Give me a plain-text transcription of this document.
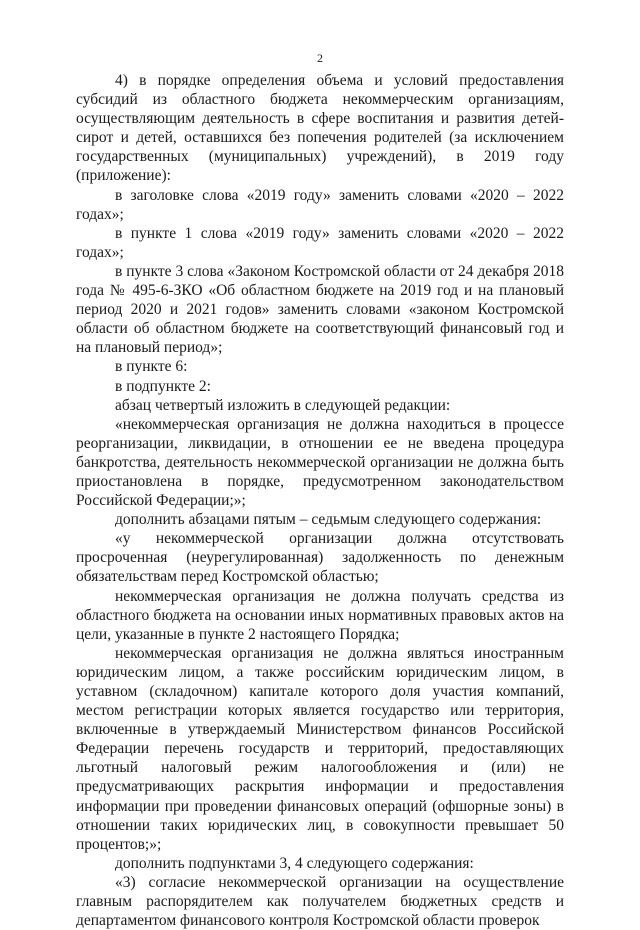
2

4) в порядке определения объема и условий предоставления субсидий из областного бюджета некоммерческим организациям, осуществляющим деятельность в сфере воспитания и развития детей-сирот и детей, оставшихся без попечения родителей (за исключением государственных (муниципальных) учреждений), в 2019 году (приложение):

в заголовке слова «2019 году» заменить словами «2020 – 2022 годах»;

в пункте 1 слова «2019 году» заменить словами «2020 – 2022 годах»;

в пункте 3 слова «Законом Костромской области от 24 декабря 2018 года № 495-6-ЗКО «Об областном бюджете на 2019 год и на плановый период 2020 и 2021 годов» заменить словами «законом Костромской области об областном бюджете на соответствующий финансовый год и на плановый период»;

в пункте 6:

в подпункте 2:

абзац четвертый изложить в следующей редакции:

«некоммерческая организация не должна находиться в процессе реорганизации, ликвидации, в отношении ее не введена процедура банкротства, деятельность некоммерческой организации не должна быть приостановлена в порядке, предусмотренном законодательством Российской Федерации;»;

дополнить абзацами пятым – седьмым следующего содержания:

«у некоммерческой организации должна отсутствовать просроченная (неурегулированная) задолженность по денежным обязательствам перед Костромской областью;

некоммерческая организация не должна получать средства из областного бюджета на основании иных нормативных правовых актов на цели, указанные в пункте 2 настоящего Порядка;

некоммерческая организация не должна являться иностранным юридическим лицом, а также российским юридическим лицом, в уставном (складочном) капитале которого доля участия компаний, местом регистрации которых является государство или территория, включенные в утверждаемый Министерством финансов Российской Федерации перечень государств и территорий, предоставляющих льготный налоговый режим налогообложения и (или) не предусматривающих раскрытия информации и предоставления информации при проведении финансовых операций (офшорные зоны) в отношении таких юридических лиц, в совокупности превышает 50 процентов;»;

дополнить подпунктами 3, 4 следующего содержания:

«3) согласие некоммерческой организации на осуществление главным распорядителем как получателем бюджетных средств и департаментом финансового контроля Костромской области проверок
